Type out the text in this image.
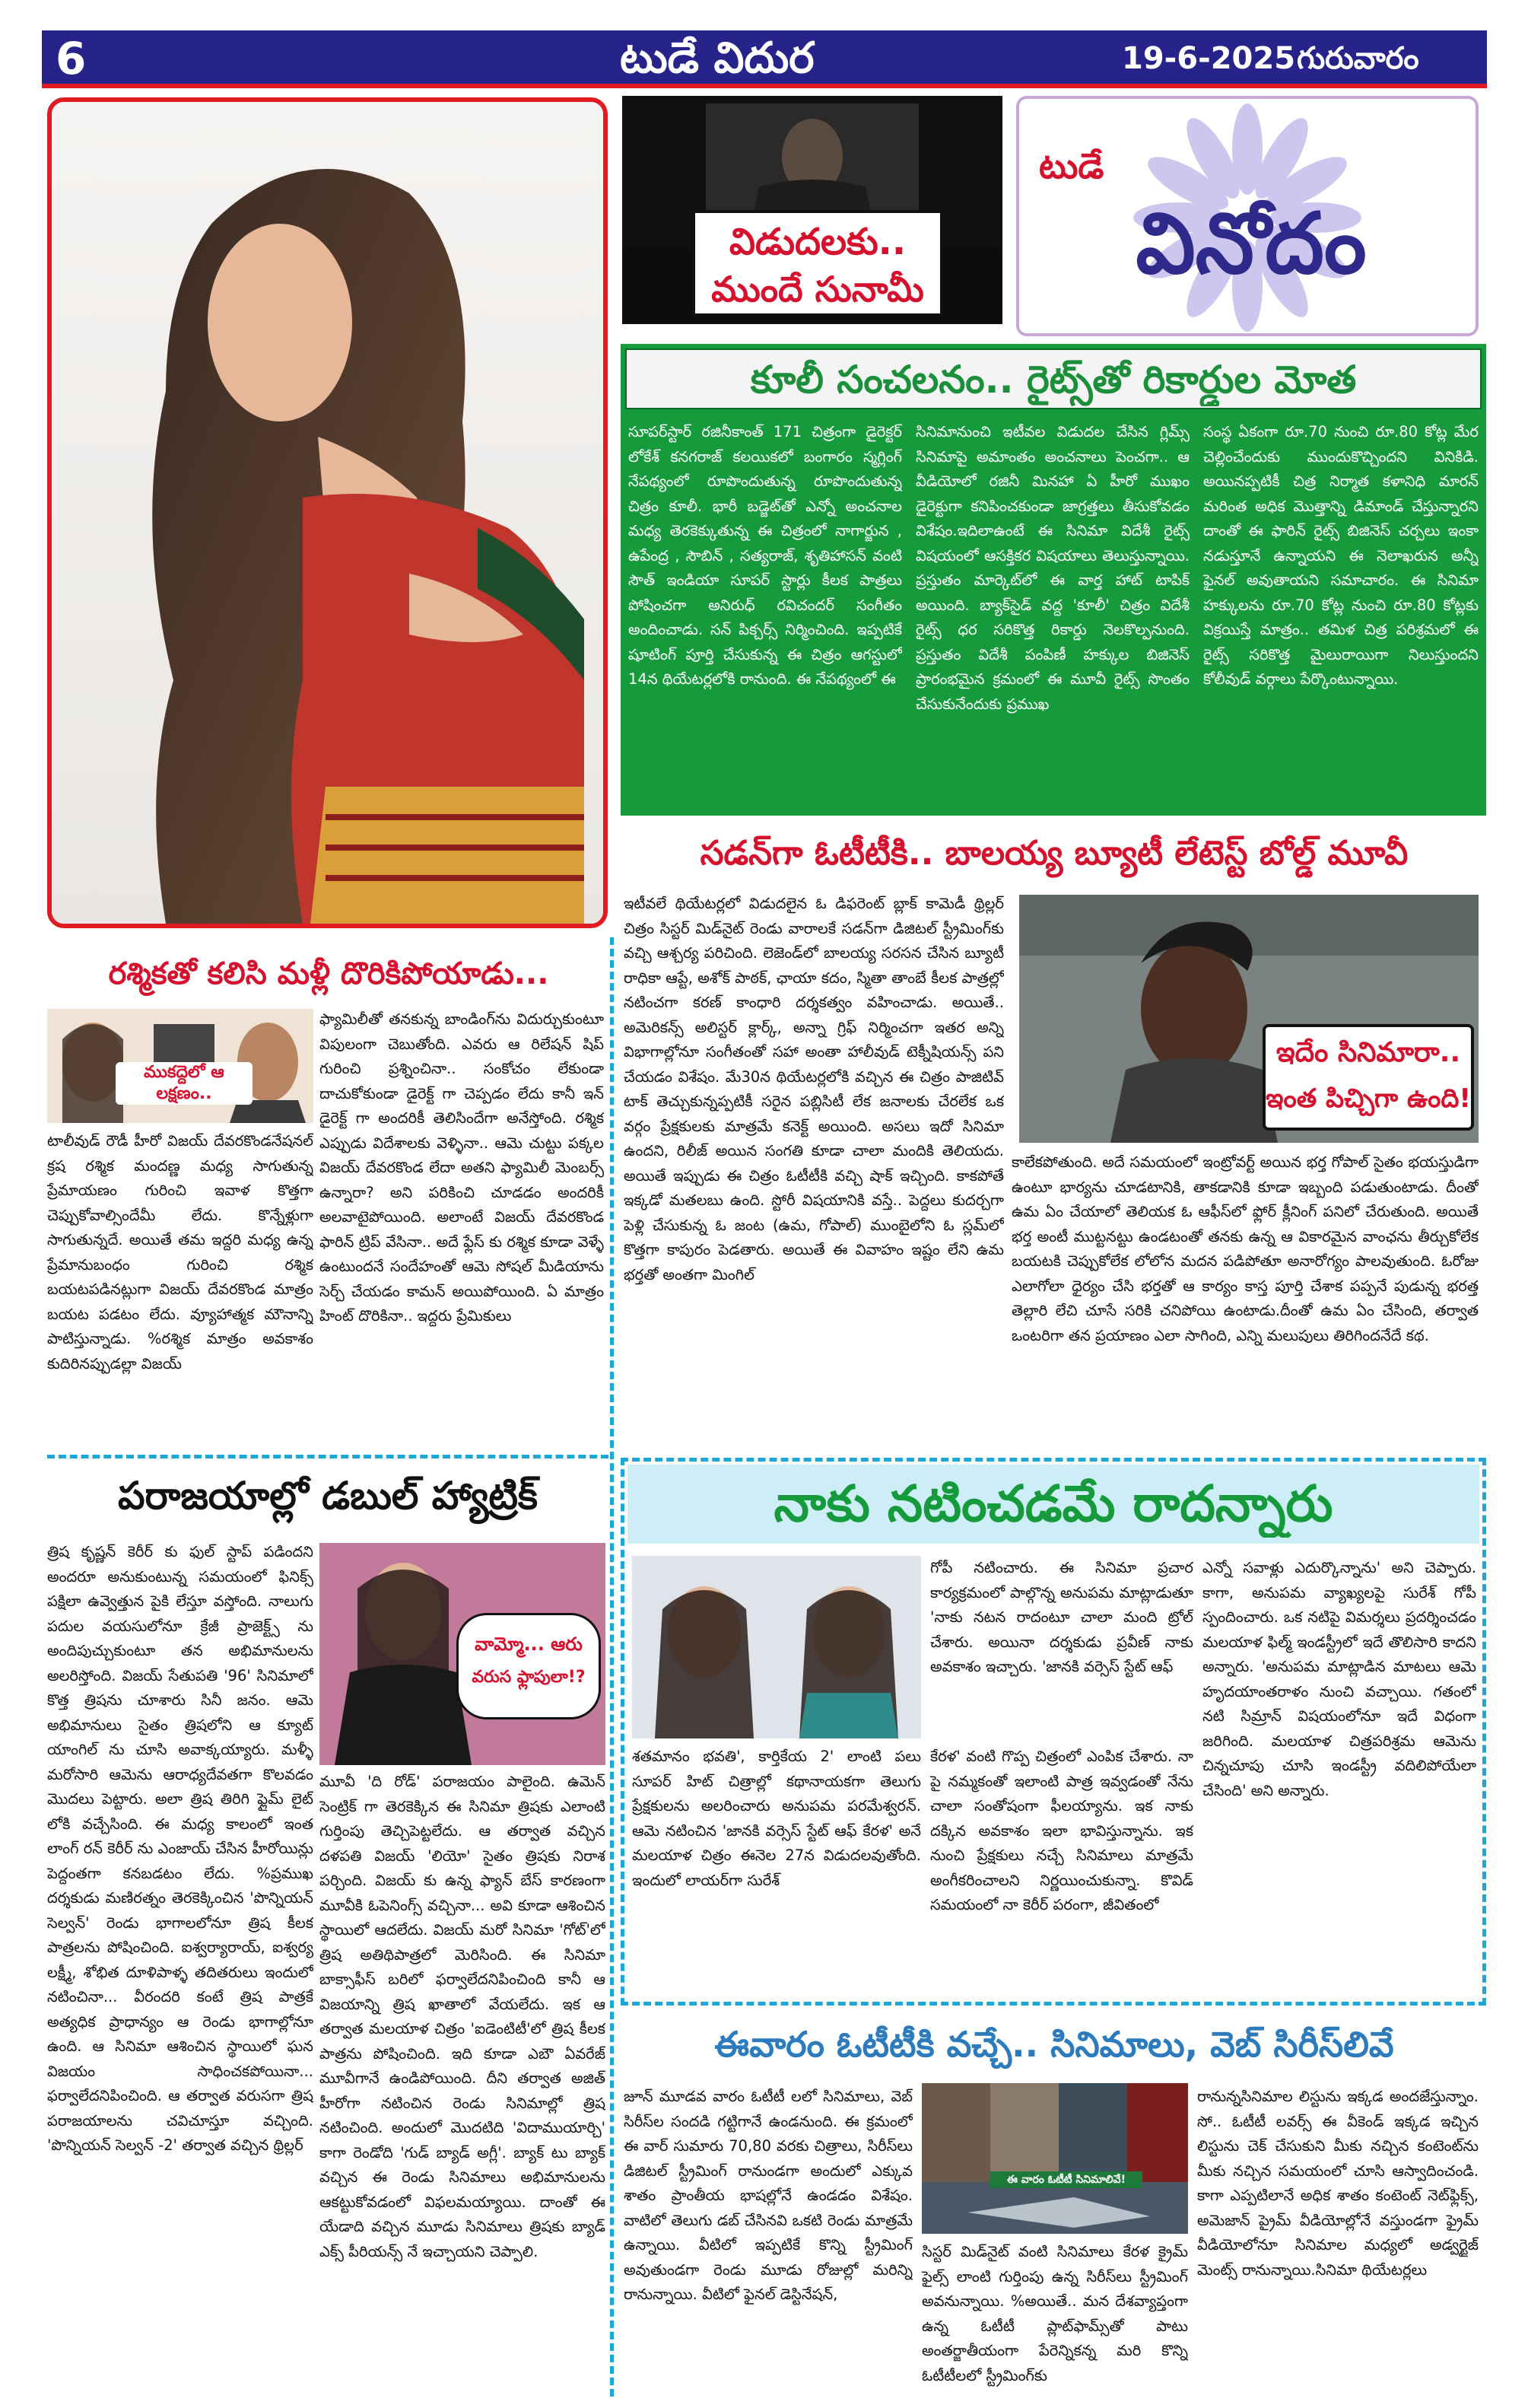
6	టుడే విదుర	19-6-2025 గురువారం
విడుదలకు..
ముందే సునామీ
టుడే
వినోదం
కూలీ సంచలనం.. రైట్స్‌తో రికార్డుల మోత
సూపర్‌స్టార్ రజినీకాంత్ 171 చిత్రంగా డైరెక్టర్ లోకేశ్ కనగరాజ్ కలయికలో బంగారం స్మగ్లింగ్ నేపథ్యంలో రూపొందుతున్న రూపొందుతున్న చిత్రం కూలీ. భారీ బడ్జెట్‌తో ఎన్నో అంచనాల మధ్య తెరకెక్కుతున్న ఈ చిత్రంలో నాగార్జున , ఉపేంద్ర , సౌబిన్ , సత్యరాజ్, శృతిహాసన్ వంటి సౌత్ ఇండియా సూపర్ స్టార్లు కీలక పాత్రలు పోషించగా అనిరుధ్ రవిచందర్ సంగీతం అందించాడు. సన్ పిక్చర్స్ నిర్మించింది. ఇప్పటికే షూటింగ్ పూర్తి చేసుకున్న ఈ చిత్రం ఆగస్టులో 14న థియేటర్లలోకి రానుంది. ఈ నేపథ్యంలో ఈ
సినిమానుంచి ఇటీవల విడుదల చేసిన గ్లిమ్స్ సినిమాపై అమాంతం అంచనాలు పెంచగా.. ఆ వీడియోలో రజినీ మినహా ఏ హీరో ముఖం డైరెక్టుగా కనిపించకుండా జాగ్రత్తలు తీసుకోవడం విశేషం.ఇదిలాఉంటే ఈ సినిమా విదేశీ రైట్స్ విషయంలో ఆసక్తికర విషయాలు తెలుస్తున్నాయి. ప్రస్తుతం మార్కెట్‌లో ఈ వార్త హాట్ టాపిక్ అయింది. బ్యాక్‌సైడ్ వద్ద 'కూలీ' చిత్రం విదేశీ రైట్స్ ధర సరికొత్త రికార్డు నెలకొల్పనుంది. ప్రస్తుతం విదేశీ పంపిణీ హక్కుల బిజినెస్ ప్రారంభమైన క్రమంలో ఈ మూవీ రైట్స్ సొంతం చేసుకునేందుకు ప్రముఖ
సంస్థ ఏకంగా రూ.70 నుంచి రూ.80 కోట్ల మేర చెల్లించేందుకు ముందుకొచ్చిందని వినికిడి. అయినప్పటికీ చిత్ర నిర్మాత కళానిధి మారన్ మరింత అధిక మొత్తాన్ని డిమాండ్ చేస్తున్నారని దాంతో ఈ ఫారిన్ రైట్స్ బిజినెస్ చర్చలు ఇంకా నడుస్తూనే ఉన్నాయని ఈ నెలాఖరున అన్నీ ఫైనల్ అవుతాయని సమాచారం. ఈ సినిమా హక్కులను రూ.70 కోట్ల నుంచి రూ.80 కోట్లకు విక్రయిస్తే మాత్రం.. తమిళ చిత్ర పరిశ్రమలో ఈ రైట్స్ సరికొత్త మైలురాయిగా నిలుస్తుందని కోలీవుడ్ వర్గాలు పేర్కొంటున్నాయి.
సడన్‌గా ఓటీటీకి.. బాలయ్య బ్యూటీ లేటెస్ట్ బోల్డ్ మూవీ
ఇటీవలే థియేటర్లలో విడుదలైన ఓ డిఫరెంట్ బ్లాక్ కామెడీ థ్రిల్లర్ చిత్రం సిస్టర్ మిడ్‌నైట్ రెండు వారాలకే సడన్‌గా డిజిటల్ స్ట్రీమింగ్‌కు వచ్చి ఆశ్చర్య పరిచింది. లెజెండ్‌లో బాలయ్య సరసన చేసిన బ్యూటీ రాధికా ఆప్టే, అశోక్ పాఠక్, ఛాయా కదం, స్మితా తాంబే కీలక పాత్రల్లో నటించగా కరణ్ కాంధారి దర్శకత్వం వహించాడు. అయితే.. అమెరికన్స్ అలిస్టర్ క్లార్క్, అన్నా గ్రిఫ్ నిర్మించగా ఇతర అన్ని విభాగాల్లోనూ సంగీతంతో సహా అంతా హాలీవుడ్ టెక్నీషియన్స్ పని చేయడం విశేషం. మే30న థియేటర్లలోకి వచ్చిన ఈ చిత్రం పాజిటివ్ టాక్ తెచ్చుకున్నప్పటికీ సరైన పబ్లిసిటీ లేక జనాలకు చేరలేక ఒక వర్గం ప్రేక్షకులకు మాత్రమే కనెక్ట్ అయింది. అసలు ఇదో సినిమా ఉందని, రిలీజ్ అయిన సంగతి కూడా చాలా మందికి తెలియదు. అయితే ఇప్పుడు ఈ చిత్రం ఓటీటీకి వచ్చి షాక్ ఇచ్చింది. కాకపోతే ఇక్కడో మతలబు ఉంది. స్టోరీ విషయానికి వస్తే.. పెద్దలు కుదర్చగా పెళ్లి చేసుకున్న ఓ జంట (ఉమ, గోపాల్) ముంబైలోని ఓ స్లమ్‌లో కొత్తగా కాపురం పెడతారు. అయితే ఈ వివాహం ఇష్టం లేని ఉమ భర్తతో అంతగా మింగిల్
ఇదేం సినిమారా..
ఇంత పిచ్చిగా ఉంది!
కాలేకపోతుంది. అదే సమయంలో ఇంట్రోవర్ట్ అయిన భర్త గోపాల్ సైతం భయస్తుడిగా ఉంటూ భార్యను చూడటానికి, తాకడానికి కూడా ఇబ్బంది పడుతుంటాడు. దీంతో ఉమ ఏం చేయాలో తెలియక ఓ ఆఫీస్‌లో ఫ్లోర్ క్లీనింగ్ పనిలో చేరుతుంది. అయితే భర్త అంటీ ముట్టనట్టు ఉండటంతో తనకు ఉన్న ఆ వికారమైన వాంఛను తీర్చుకోలేక బయటకి చెప్పుకోలేక లోలోన మదన పడిపోతూ అనారోగ్యం పాలవుతుంది. ఓరోజు ఎలాగోలా ధైర్యం చేసి భర్తతో ఆ కార్యం కాస్త పూర్తి చేశాక పప్పనే పుడున్న భరత్త తెల్లారి లేచి చూసే సరికి చనిపోయి ఉంటాడు.దీంతో ఉమ ఏం చేసింది, తర్వాత ఒంటరిగా తన ప్రయాణం ఎలా సాగింది, ఎన్ని మలుపులు తిరిగిందనేదే కథ.
రశ్మికతో కలిసి మళ్లీ దొరికిపోయాడు...
ముకద్దెలో ఆ లక్షణం..
టాలీవుడ్ రౌడీ హీరో విజయ్ దేవరకొండనేషనల్ క్రష రశ్మిక మందణ్ణ మధ్య సాగుతున్న ప్రేమాయణం గురించి ఇవాళ కొత్తగా చెప్పుకోవాల్సిందేమీ లేదు. కొన్నేళ్లుగా సాగుతున్నదే. అయితే తమ ఇద్దరి మధ్య ఉన్న ప్రేమానుబంధం గురించి రశ్మిక బయటపడినట్లుగా విజయ్ దేవరకొండ మాత్రం బయట పడటం లేదు. వ్యూహాత్మక మౌనాన్ని పాటిస్తున్నాడు. %రశ్మిక మాత్రం అవకాశం కుదిరినప్పుడల్లా విజయ్
ఫ్యామిలీతో తనకున్న బాండింగ్‌ను విదుర్చుకుంటూ విపులంగా చెబుతోంది. ఎవరు ఆ రిలేషన్ షిప్ గురించి ప్రశ్నించినా.. సంకోచం లేకుండా దాచుకోకుండా డైరెక్ట్ గా చెప్పడం లేదు కానీ ఇన్ డైరెక్ట్ గా అందరికీ తెలిసిందేగా అనేస్తోంది. రశ్మిక ఎప్పుడు విదేశాలకు వెళ్ళినా.. ఆమె చుట్టు పక్కల విజయ్ దేవరకొండ లేదా అతని ఫ్యామిలీ మెంబర్స్ ఉన్నారా? అని పరికించి చూడడం అందరికీ అలవాటైపోయింది. అలాంటే విజయ్ దేవరకొండ ఫారిన్ ట్రిప్ వేసినా.. అదే ఫ్లేస్ కు రశ్మిక కూడా వెళ్ళే ఉంటుందనే సందేహంతో ఆమె సోషల్ మీడియాను సెర్చ్ చేయడం కామన్ అయిపోయింది. ఏ మాత్రం హింట్ దొరికినా.. ఇద్దరు ప్రేమికులు
పరాజయాల్లో డబుల్ హ్యాట్రిక్
త్రిష కృష్ణన్ కెరీర్ కు ఫుల్ స్టాప్ పడిందని అందరూ అనుకుంటున్న సమయంలో ఫినిక్స్ పక్షిలా ఉవ్వెత్తున పైకి లేస్తూ వస్తోంది. నాలుగు పదుల వయసులోనూ క్రేజీ ప్రాజెక్ట్స్ ను అందిపుచ్చుకుంటూ తన అభిమానులను అలరిస్తోంది. విజయ్ సేతుపతి '96' సినిమాలో కొత్త త్రిషను చూశారు సినీ జనం. ఆమె అభిమానులు సైతం త్రిషలోని ఆ క్యూట్ యాంగిల్ ను చూసి అవాక్కయ్యారు. మళ్ళీ మరోసారి ఆమెను ఆరాధ్యదేవతగా కొలవడం మొదలు పెట్టారు. అలా త్రిష తిరిగి ఫ్లైమ్ లైట్ లోకి వచ్చేసింది. ఈ మధ్య కాలంలో ఇంత లాంగ్ రన్ కెరీర్ ను ఎంజాయ్ చేసిన హీరోయిన్లు పెద్దంతగా కనబడటం లేదు. %ప్రముఖ దర్శకుడు మణిరత్నం తెరకెక్కించిన 'పొన్నియన్ సెల్వన్' రెండు భాగాలలోనూ త్రిష కీలక పాత్రలను పోషించింది. ఐశ్వర్యారాయ్, ఐశ్వర్య లక్ష్మీ, శోభిత దూళిపాళ్ళ తదితరులు ఇందులో నటించినా... వీరందరి కంటే త్రిష పాత్రకే అత్యధిక ప్రాధాన్యం ఆ రెండు భాగాల్లోనూ ఉంది. ఆ సినిమా ఆశించిన స్థాయిలో ఘన విజయం సాధించకపోయినా... ఫర్వాలేదనిపించింది. ఆ తర్వాత వరుసగా త్రిష పరాజయాలను చవిచూస్తూ వచ్చింది. 'పొన్నియన్ సెల్వన్ -2' తర్వాత వచ్చిన థ్రిల్లర్
వామ్మో... ఆరు
వరుస ఫ్లాపులా!?
మూవీ 'ది రోడ్' పరాజయం పాలైంది. ఉమెన్ సెంట్రిక్ గా తెరకెక్కిన ఈ సినిమా త్రిషకు ఎలాంటి గుర్తింపు తెచ్చిపెట్టలేదు. ఆ తర్వాత వచ్చిన దళపతి విజయ్ 'లియో' సైతం త్రిషకు నిరాశ పర్చింది. విజయ్ కు ఉన్న ఫ్యాన్ బేస్ కారణంగా మూవీకి ఓపెనింగ్స్ వచ్చినా... అవి కూడా ఆశించిన స్థాయిలో ఆదలేదు. విజయ్ మరో సినిమా 'గోట్'లో త్రిష అతిథిపాత్రలో మెరిసింది. ఈ సినిమా బాక్సాఫీస్ బరిలో ఫర్వాలేదనిపించింది కానీ ఆ విజయాన్ని త్రిష ఖాతాలో వేయలేదు. ఇక ఆ తర్వాత మలయాళ చిత్రం 'ఐడెంటిటీ'లో త్రిష కీలక పాత్రను పోషించింది. ఇది కూడా ఎబౌ ఏవరేజ్ మూవీగానే ఉండిపోయింది. దీని తర్వాత అజిత్ హీరోగా నటించిన రెండు సినిమాల్లో త్రిష నటించింది. అందులో మొదటిది 'విదాముయార్చి' కాగా రెండోది 'గుడ్ బ్యాడ్ అగ్లీ'. బ్యాక్ టు బ్యాక్ వచ్చిన ఈ రెండు సినిమాలు అభిమానులను ఆకట్టుకోవడంలో విఫలమయ్యాయి. దాంతో ఈ యేడాది వచ్చిన మూడు సినిమాలు త్రిషకు బ్యాడ్ ఎక్స్ పీరియన్స్ నే ఇచ్చాయని చెప్పాలి.
నాకు నటించడమే రాదన్నారు
శతమానం భవతి', కార్తికేయ 2' లాంటి పలు సూపర్ హిట్ చిత్రాల్లో కథానాయకగా తెలుగు ప్రేక్షకులను అలరించారు అనుపమ పరమేశ్వరన్. ఆమె నటించిన 'జానకి వర్సెస్ స్టేట్ ఆఫ్ కేరళ' అనే మలయాళ చిత్రం ఈనెల 27న విడుదలవుతోంది. ఇందులో లాయర్‌గా సురేశ్
గోపీ నటించారు. ఈ సినిమా ప్రచార కార్యక్రమంలో పాల్గొన్న అనుపమ మాట్లాడుతూ 'నాకు నటన రాదంటూ చాలా మంది ట్రోల్ చేశారు. అయినా దర్శకుడు ప్రవీణ్ నాకు అవకాశం ఇచ్చారు. 'జానకి వర్సెస్ స్టేట్ ఆఫ్
కేరళ' వంటి గొప్ప చిత్రంలో ఎంపిక చేశారు. నా పై నమ్మకంతో ఇలాంటి పాత్ర ఇవ్వడంతో నేను చాలా సంతోషంగా ఫీలయ్యాను. ఇక నాకు దక్కిన అవకాశం ఇలా భావిస్తున్నాను. ఇక నుంచి ప్రేక్షకులు నచ్చే సినిమాలు మాత్రమే అంగీకరించాలని నిర్ణయించుకున్నా. కొవిడ్ సమయంలో నా కెరీర్ పరంగా, జీవితంలో
ఎన్నో సవాళ్లు ఎదుర్కొన్నాను' అని చెప్పారు. కాగా, అనుపమ వ్యాఖ్యలపై సురేశ్ గోపీ స్పందించారు. ఒక నటిపై విమర్శలు ప్రదర్శించడం మలయాళ ఫిల్మ్ ఇండస్ట్రీలో ఇదే తొలిసారి కాదని అన్నారు. 'అనుపమ మాట్లాడిన మాటలు ఆమె హృదయాంతరాళం నుంచి వచ్చాయి. గతంలో నటి సిమ్రాన్ విషయంలోనూ ఇదే విధంగా జరిగింది. మలయాళ చిత్రపరిశ్రమ ఆమెను చిన్నచూపు చూసి ఇండస్ట్రీ వదిలిపోయేలా చేసింది' అని అన్నారు.
ఈవారం ఓటీటీకి వచ్చే.. సినిమాలు, వెబ్ సిరీస్‌లివే
జూన్ మూడవ వారం ఓటీటీ లలో సినిమాలు, వెబ్ సిరీస్‌ల సందడి గట్టిగానే ఉండనుంది. ఈ క్రమంలో ఈ వార్ సుమారు 70,80 వరకు చిత్రాలు, సిరీస్‌లు డిజిటల్ స్ట్రీమింగ్ రానుండగా అందులో ఎక్కువ శాతం ప్రాంతీయ భాషల్లోనే ఉండడం విశేషం. వాటిలో తెలుగు డబ్ చేసినవి ఒకటి రెండు మాత్రమే ఉన్నాయి. వీటిలో ఇప్పటికే కొన్ని స్ట్రీమింగ్ అవుతుండగా రెండు మూడు రోజుల్లో మరిన్ని రానున్నాయి. వీటిలో ఫైనల్ డెస్టినేషన్,
ఈ వారం ఓటీటీ సినిమాలివే!
సిస్టర్ మిడ్‌నైట్ వంటి సినిమాలు కేరళ క్రైమ్ ఫైల్స్ లాంటి గుర్తింపు ఉన్న సిరీస్‌లు స్ట్రీమింగ్ అవనున్నాయి. %అయితే.. మన దేశవ్యాప్తంగా ఉన్న ఓటీటీ ప్లాట్‌ఫామ్స్‌తో పాటు అంతర్జాతీయంగా పేరెన్నికన్న మరి కొన్ని ఓటీటీలలో స్ట్రీమింగ్‌కు
రానున్నసినిమాల లిస్టును ఇక్కడ అందజేస్తున్నాం. సో.. ఓటీటీ లవర్స్ ఈ వీకెండ్ ఇక్కడ ఇచ్చిన లిస్టును చెక్ చేసుకుని మీకు నచ్చిన కంటెంట్‌ను మీకు నచ్చిన సమయంలో చూసి ఆస్వాదించండి. కాగా ఎప్పటిలానే అధిక శాతం కంటెంట్ నెట్‌ఫ్లిక్స్, అమెజాన్ ప్రైమ్ వీడియోల్లోనే వస్తుండగా ఫ్రైమ్ వీడియోలోనూ సినిమాల మధ్యలో అడ్వర్టైజ్ మెంట్స్ రానున్నాయి.సినిమా థియేటర్లలు
